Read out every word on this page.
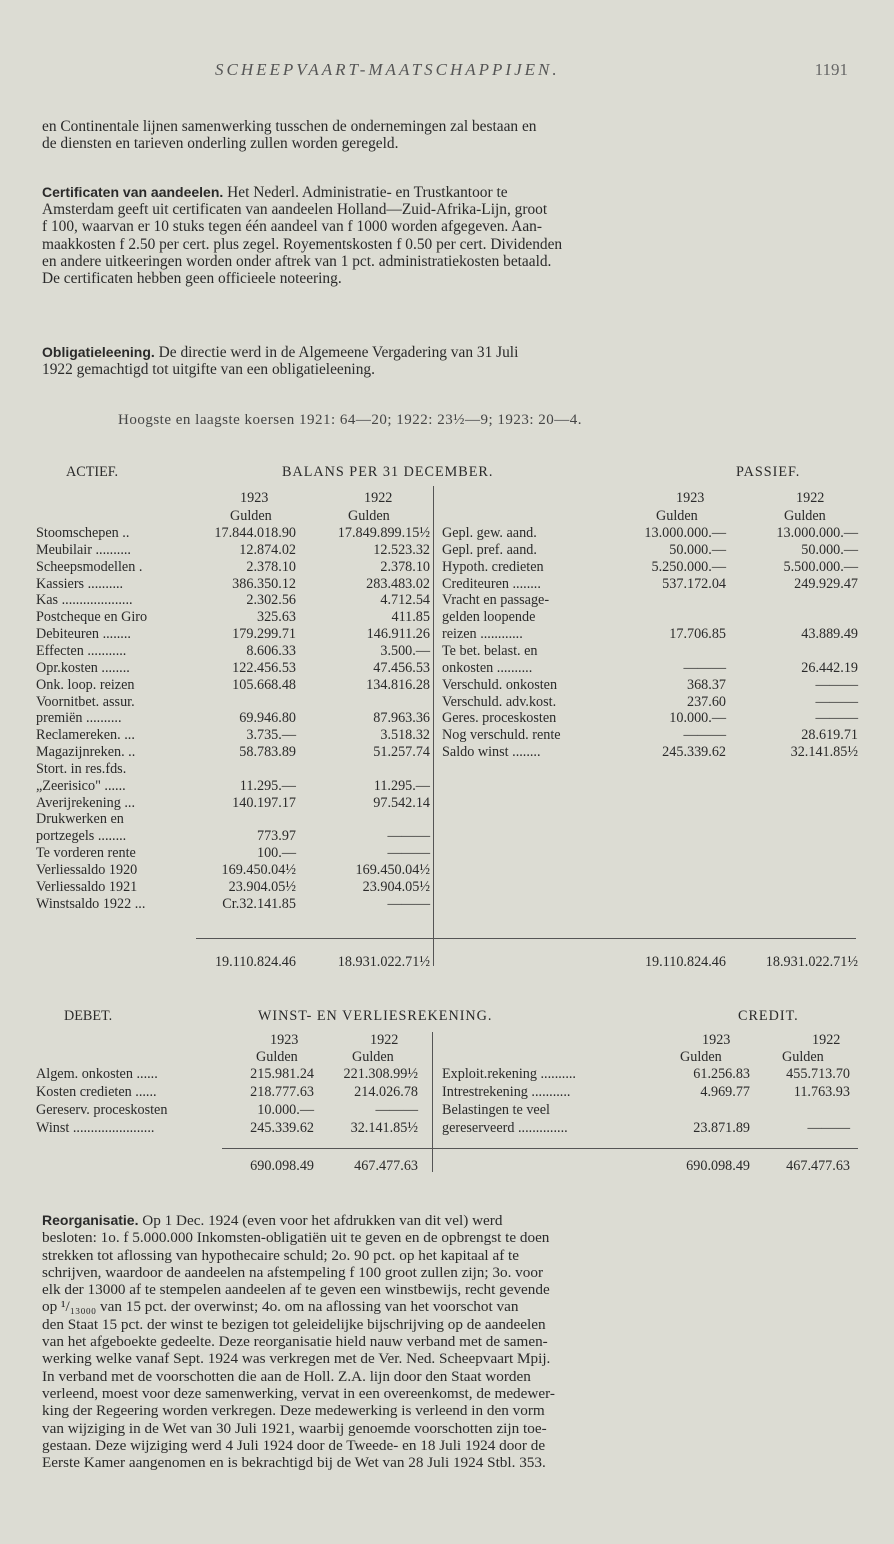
SCHEEPVAART-MAATSCHAPPIJEN.	1191

en Continentale lijnen samenwerking tusschen de ondernemingen zal bestaan en

de diensten en tarieven onderling zullen worden geregeld.

Certificaten van aandeelen. Het Nederl. Administratie- en Trustkantoor te

Amsterdam geeft uit certificaten van aandeelen Holland—Zuid-Afrika-Lijn, groot

f 100, waarvan er 10 stuks tegen één aandeel van f 1000 worden afgegeven. Aan-

maakkosten f 2.50 per cert. plus zegel. Royementskosten f 0.50 per cert. Dividenden

en andere uitkeeringen worden onder aftrek van 1 pct. administratiekosten betaald.

De certificaten hebben geen officieele noteering.

Obligatieleening. De directie werd in de Algemeene Vergadering van 31 Juli

1922 gemachtigd tot uitgifte van een obligatieleening.

Hoogste en laagste koersen 1921: 64—20; 1922: 23½—9; 1923: 20—4.
ACTIEF.	BALANS PER 31 DECEMBER.	PASSIEF.
1923	1922	1923	1922
Gulden	Gulden	Gulden	Gulden
Stoomschepen ..	17.844.018.90	17.849.899.15½
Meubilair ..........	12.874.02	12.523.32
Scheepsmodellen .	2.378.10	2.378.10
Kassiers ..........	386.350.12	283.483.02
Kas ....................	2.302.56	4.712.54
Postcheque en Giro	325.63	411.85
Debiteuren ........	179.299.71	146.911.26
Effecten ...........	8.606.33	3.500.—
Opr.kosten ........	122.456.53	47.456.53
Onk. loop. reizen	105.668.48	134.816.28
Voornitbet. assur.
premiën ..........	69.946.80	87.963.36
Reclamereken. ...	3.735.—	3.518.32
Magazijnreken. ..	58.783.89	51.257.74
Stort. in res.fds.
„Zeerisico" ......	11.295.—	11.295.—
Averijrekening ...	140.197.17	97.542.14
Drukwerken en
portzegels ........	773.97	———
Te vorderen rente	100.—	———
Verliessaldo 1920	169.450.04½	169.450.04½
Verliessaldo 1921	23.904.05½	23.904.05½
Winstsaldo 1922 ...	Cr.32.141.85	———
Gepl. gew. aand.	13.000.000.—	13.000.000.—
Gepl. pref. aand.	50.000.—	50.000.—
Hypoth. credieten	5.250.000.—	5.500.000.—
Crediteuren ........	537.172.04	249.929.47
Vracht en passage-
gelden loopende
reizen ............	17.706.85	43.889.49
Te bet. belast. en
onkosten ..........	———	26.442.19
Verschuld. onkosten	368.37	———
Verschuld. adv.kost.	237.60	———
Geres. proceskosten	10.000.—	———
Nog verschuld. rente	———	28.619.71
Saldo winst ........	245.339.62	32.141.85½
19.110.824.46	18.931.022.71½	19.110.824.46	18.931.022.71½
DEBET.	WINST- EN VERLIESREKENING.	CREDIT.
1923	1922	1923	1922
Gulden	Gulden	Gulden	Gulden
Algem. onkosten ......	215.981.24	221.308.99½
Kosten credieten ......	218.777.63	214.026.78
Gereserv. proceskosten	10.000.—	———
Winst .......................	245.339.62	32.141.85½
Exploit.rekening ..........	61.256.83	455.713.70
Intrestrekening ...........	4.969.77	11.763.93
Belastingen te veel
gereserveerd ..............	23.871.89	———
690.098.49	467.477.63	690.098.49	467.477.63

Reorganisatie. Op 1 Dec. 1924 (even voor het afdrukken van dit vel) werd

besloten: 1o. f 5.000.000 Inkomsten-obligatiën uit te geven en de opbrengst te doen

strekken tot aflossing van hypothecaire schuld; 2o. 90 pct. op het kapitaal af te

schrijven, waardoor de aandeelen na afstempeling f 100 groot zullen zijn; 3o. voor

elk der 13000 af te stempelen aandeelen af te geven een winstbewijs, recht gevende

op ¹/₁₃₀₀₀ van 15 pct. der overwinst; 4o. om na aflossing van het voorschot van

den Staat 15 pct. der winst te bezigen tot geleidelijke bijschrijving op de aandeelen

van het afgeboekte gedeelte. Deze reorganisatie hield nauw verband met de samen-

werking welke vanaf Sept. 1924 was verkregen met de Ver. Ned. Scheepvaart Mpij.

In verband met de voorschotten die aan de Holl. Z.A. lijn door den Staat worden

verleend, moest voor deze samenwerking, vervat in een overeenkomst, de medewer-

king der Regeering worden verkregen. Deze medewerking is verleend in den vorm

van wijziging in de Wet van 30 Juli 1921, waarbij genoemde voorschotten zijn toe-

gestaan. Deze wijziging werd 4 Juli 1924 door de Tweede- en 18 Juli 1924 door de

Eerste Kamer aangenomen en is bekrachtigd bij de Wet van 28 Juli 1924 Stbl. 353.
